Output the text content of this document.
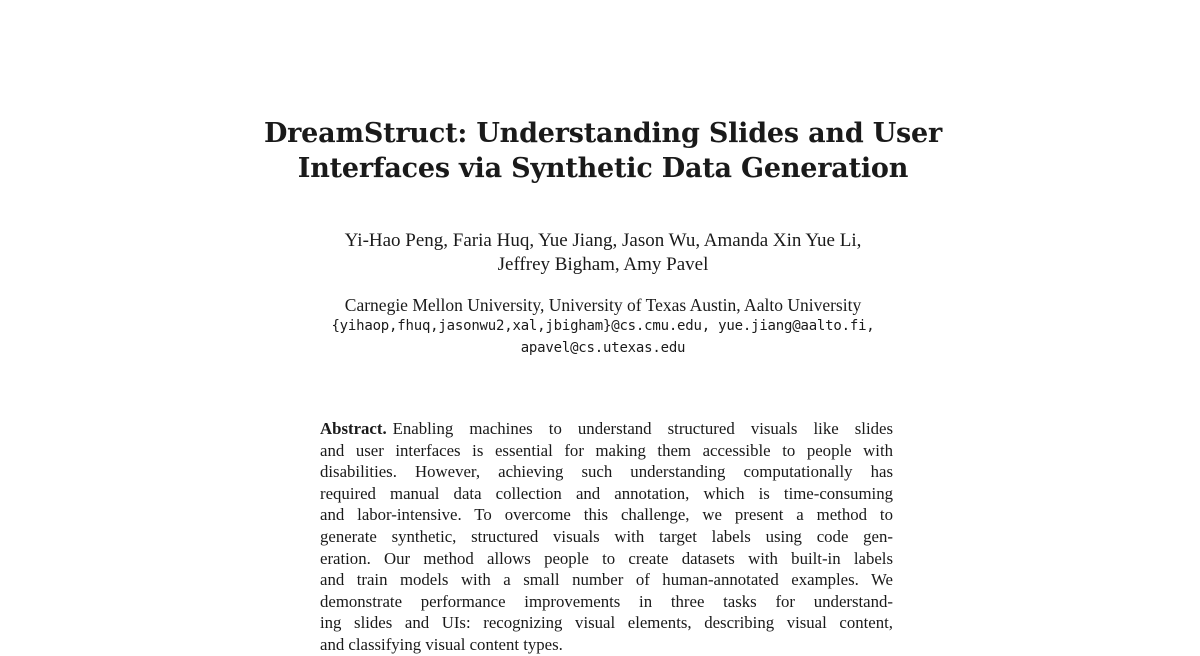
DreamStruct: Understanding Slides and User
Interfaces via Synthetic Data Generation
Yi-Hao Peng, Faria Huq, Yue Jiang, Jason Wu, Amanda Xin Yue Li,
Jeffrey Bigham, Amy Pavel
Carnegie Mellon University, University of Texas Austin, Aalto University
{yihaop,fhuq,jasonwu2,xal,jbigham}@cs.cmu.edu, yue.jiang@aalto.fi,
apavel@cs.utexas.edu
Abstract. Enabling machines to understand structured visuals like slides
and user interfaces is essential for making them accessible to people with
disabilities. However, achieving such understanding computationally has
required manual data collection and annotation, which is time-consuming
and labor-intensive. To overcome this challenge, we present a method to
generate synthetic, structured visuals with target labels using code gen-
eration. Our method allows people to create datasets with built-in labels
and train models with a small number of human-annotated examples. We
demonstrate performance improvements in three tasks for understand-
ing slides and UIs: recognizing visual elements, describing visual content,
and classifying visual content types.
